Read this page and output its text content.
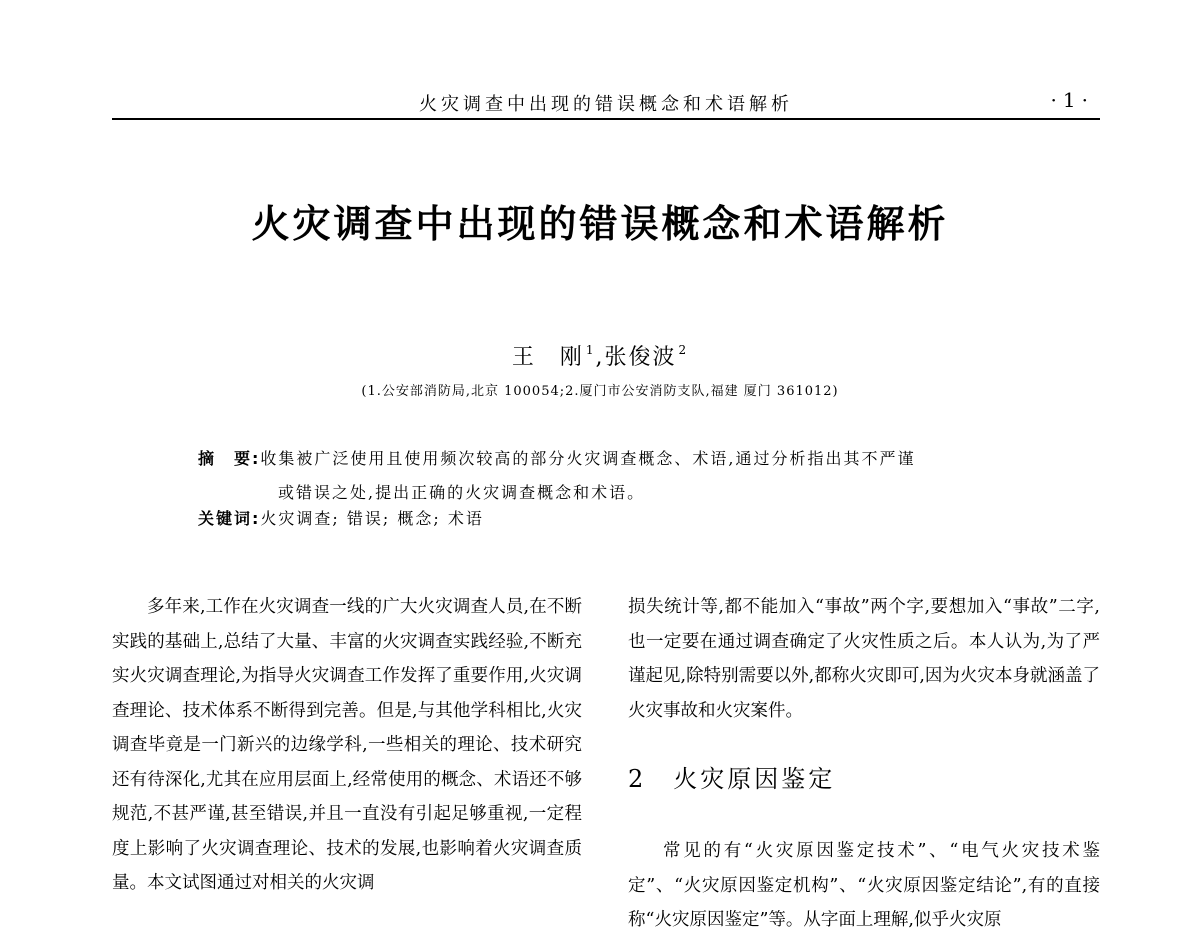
火灾调查中出现的错误概念和术语解析	·1·
火灾调查中出现的错误概念和术语解析
王　刚 $^1$,张俊波 $^2$
(1.公安部消防局,北京 100054;2.厦门市公安消防支队,福建 厦门 361012)
摘　要:收集被广泛使用且使用频次较高的部分火灾调查概念、术语,通过分析指出其不严谨
或错误之处,提出正确的火灾调查概念和术语。
关键词:火灾调查; 错误; 概念; 术语

多年来,工作在火灾调查一线的广大火灾调查人员,在不断实践的基础上,总结了大量、丰富的火灾调查实践经验,不断充实火灾调查理论,为指导火灾调查工作发挥了重要作用,火灾调查理论、技术体系不断得到完善。但是,与其他学科相比,火灾调查毕竟是一门新兴的边缘学科,一些相关的理论、技术研究还有待深化,尤其在应用层面上,经常使用的概念、术语还不够规范,不甚严谨,甚至错误,并且一直没有引起足够重视,一定程度上影响了火灾调查理论、技术的发展,也影响着火灾调查质量。本文试图通过对相关的火灾调

损失统计等,都不能加入“事故”两个字,要想加入“事故”二字,也一定要在通过调查确定了火灾性质之后。本人认为,为了严谨起见,除特别需要以外,都称火灾即可,因为火灾本身就涵盖了火灾事故和火灾案件。

2　火灾原因鉴定

常见的有“火灾原因鉴定技术”、“电气火灾技术鉴定”、“火灾原因鉴定机构”、“火灾原因鉴定结论”,有的直接称“火灾原因鉴定”等。从字面上理解,似乎火灾原
